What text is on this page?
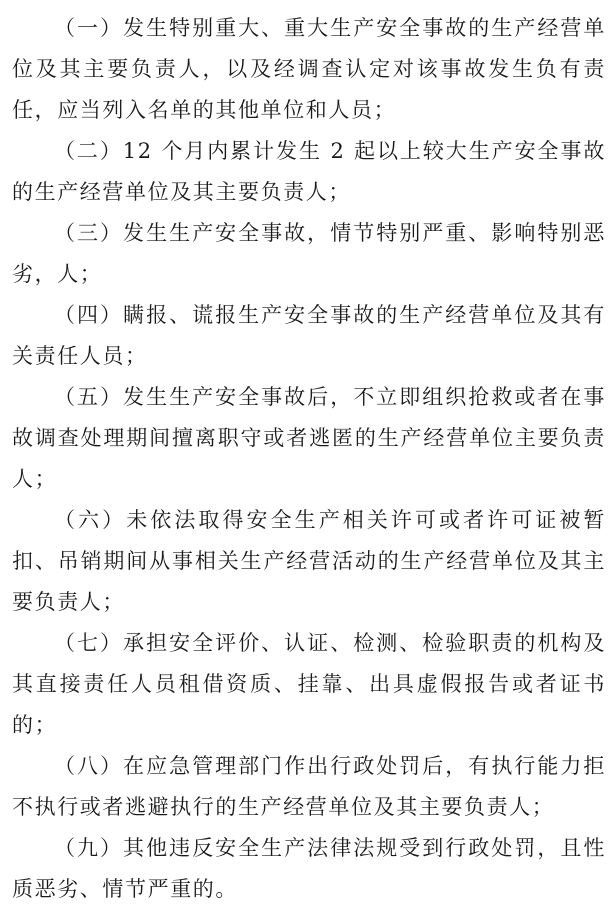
（一）发生特别重大、重大生产安全事故的生产经营单位及其主要负责人，以及经调查认定对该事故发生负有责任，应当列入名单的其他单位和人员；

（二）12 个月内累计发生 2 起以上较大生产安全事故的生产经营单位及其主要负责人；

（三）发生生产安全事故，情节特别严重、影响特别恶劣，人；

（四）瞒报、谎报生产安全事故的生产经营单位及其有关责任人员；

（五）发生生产安全事故后，不立即组织抢救或者在事故调查处理期间擅离职守或者逃匿的生产经营单位主要负责人；

（六）未依法取得安全生产相关许可或者许可证被暂扣、吊销期间从事相关生产经营活动的生产经营单位及其主要负责人；

（七）承担安全评价、认证、检测、检验职责的机构及其直接责任人员租借资质、挂靠、出具虚假报告或者证书的；

（八）在应急管理部门作出行政处罚后，有执行能力拒不执行或者逃避执行的生产经营单位及其主要负责人；

（九）其他违反安全生产法律法规受到行政处罚，且性质恶劣、情节严重的。
